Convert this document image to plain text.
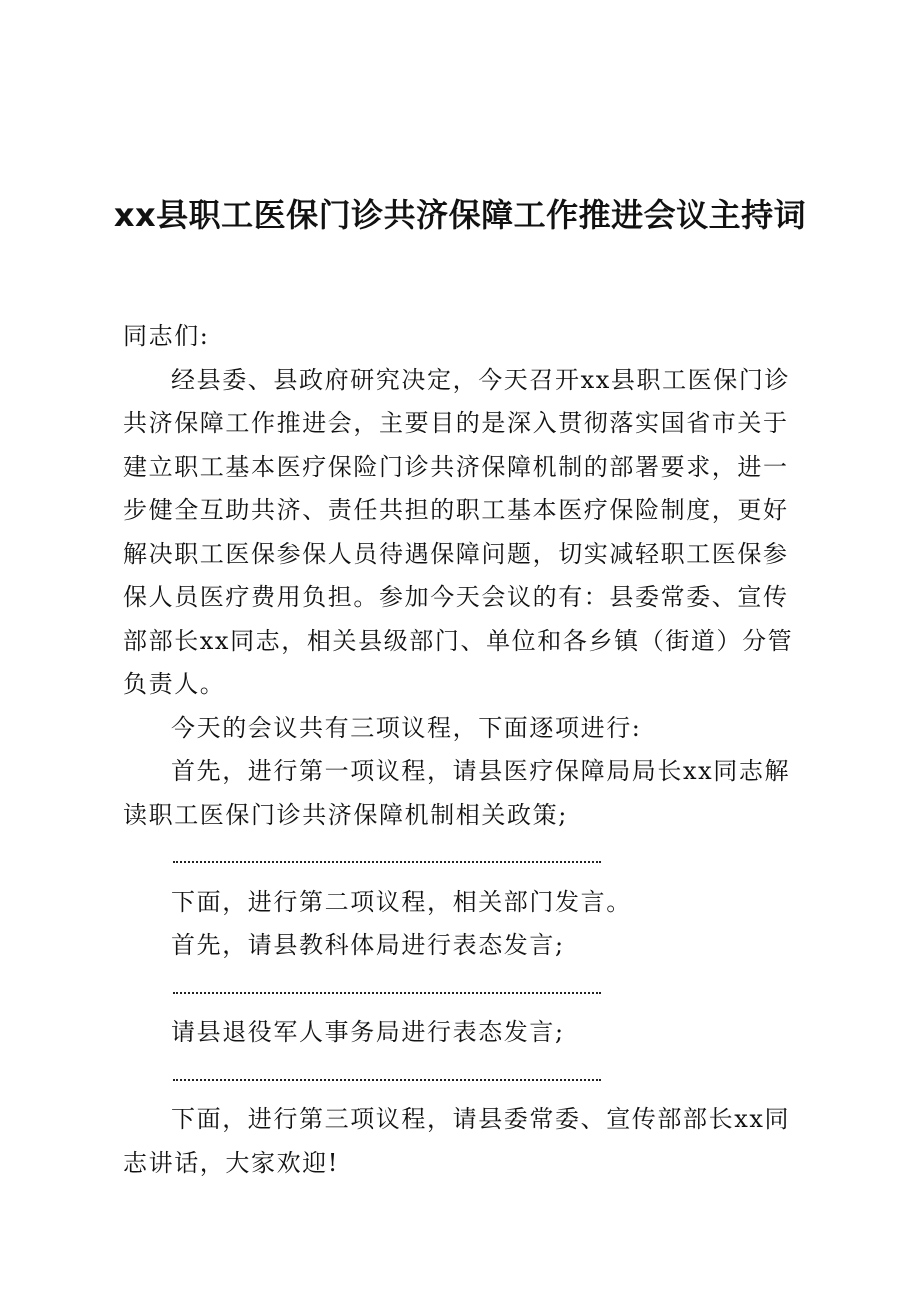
xx县职工医保门诊共济保障工作推进会议主持词

同志们:

经县委、县政府研究决定，今天召开xx县职工医保门诊共济保障工作推进会，主要目的是深入贯彻落实国省市关于建立职工基本医疗保险门诊共济保障机制的部署要求，进一步健全互助共济、责任共担的职工基本医疗保险制度，更好解决职工医保参保人员待遇保障问题，切实减轻职工医保参保人员医疗费用负担。参加今天会议的有：县委常委、宣传部部长xx同志，相关县级部门、单位和各乡镇（街道）分管负责人。

今天的会议共有三项议程，下面逐项进行:

首先，进行第一项议程，请县医疗保障局局长xx同志解读职工医保门诊共济保障机制相关政策;

下面，进行第二项议程，相关部门发言。

首先，请县教科体局进行表态发言;

请县退役军人事务局进行表态发言;

下面，进行第三项议程，请县委常委、宣传部部长xx同志讲话，大家欢迎!
